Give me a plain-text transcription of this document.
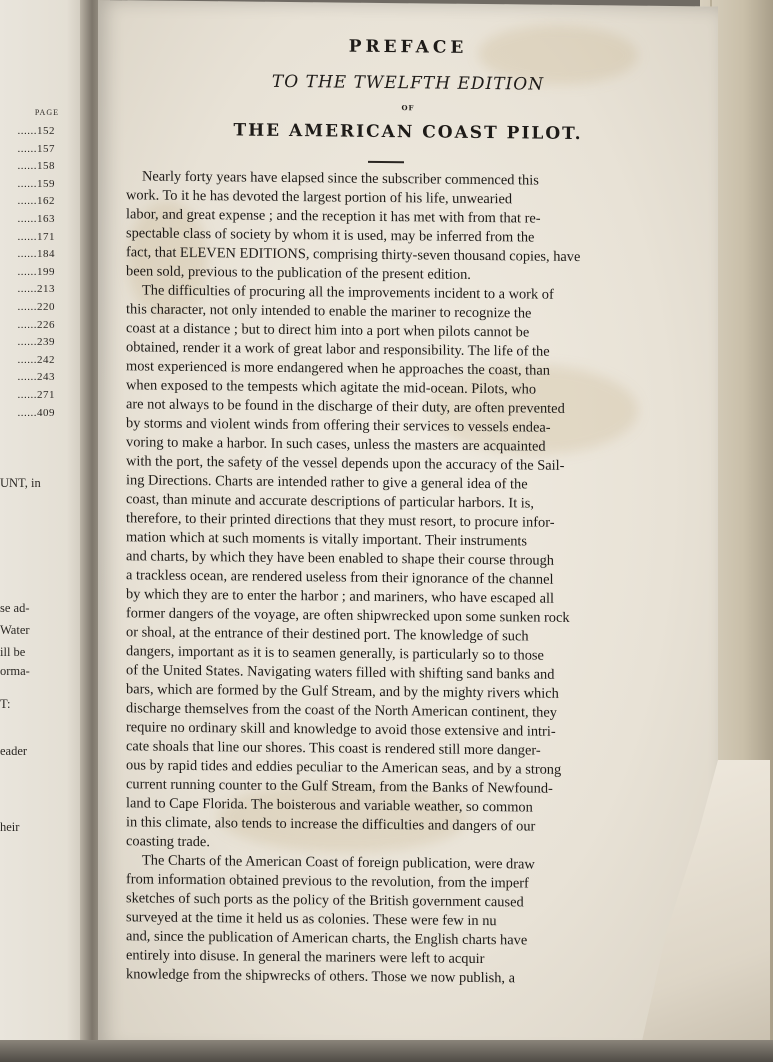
PAGE
......152
......157
......158
......159
......162
......163
......171
......184
......199
......213
......220
......226
......239
......242
......243
......271
......409
UNT, in
se ad-
Water
ill be
orma-
T:
eader
heir
PREFACE
TO THE TWELFTH EDITION
OF
THE AMERICAN COAST PILOT.
Nearly forty years have elapsed since the subscriber commenced this
work. To it he has devoted the largest portion of his life, unwearied
labor, and great expense ; and the reception it has met with from that re-
spectable class of society by whom it is used, may be inferred from the
fact, that ELEVEN EDITIONS, comprising thirty-seven thousand copies, have
been sold, previous to the publication of the present edition.
The difficulties of procuring all the improvements incident to a work of
this character, not only intended to enable the mariner to recognize the
coast at a distance ; but to direct him into a port when pilots cannot be
obtained, render it a work of great labor and responsibility. The life of the
most experienced is more endangered when he approaches the coast, than
when exposed to the tempests which agitate the mid-ocean. Pilots, who
are not always to be found in the discharge of their duty, are often prevented
by storms and violent winds from offering their services to vessels endea-
voring to make a harbor. In such cases, unless the masters are acquainted
with the port, the safety of the vessel depends upon the accuracy of the Sail-
ing Directions. Charts are intended rather to give a general idea of the
coast, than minute and accurate descriptions of particular harbors. It is,
therefore, to their printed directions that they must resort, to procure infor-
mation which at such moments is vitally important. Their instruments
and charts, by which they have been enabled to shape their course through
a trackless ocean, are rendered useless from their ignorance of the channel
by which they are to enter the harbor ; and mariners, who have escaped all
former dangers of the voyage, are often shipwrecked upon some sunken rock
or shoal, at the entrance of their destined port. The knowledge of such
dangers, important as it is to seamen generally, is particularly so to those
of the United States. Navigating waters filled with shifting sand banks and
bars, which are formed by the Gulf Stream, and by the mighty rivers which
discharge themselves from the coast of the North American continent, they
require no ordinary skill and knowledge to avoid those extensive and intri-
cate shoals that line our shores. This coast is rendered still more danger-
ous by rapid tides and eddies peculiar to the American seas, and by a strong
current running counter to the Gulf Stream, from the Banks of Newfound-
land to Cape Florida. The boisterous and variable weather, so common
in this climate, also tends to increase the difficulties and dangers of our
coasting trade.
The Charts of the American Coast of foreign publication, were draw
from information obtained previous to the revolution, from the imperf
sketches of such ports as the policy of the British government caused
surveyed at the time it held us as colonies. These were few in nu
and, since the publication of American charts, the English charts have
entirely into disuse. In general the mariners were left to acquir
knowledge from the shipwrecks of others. Those we now publish, a
